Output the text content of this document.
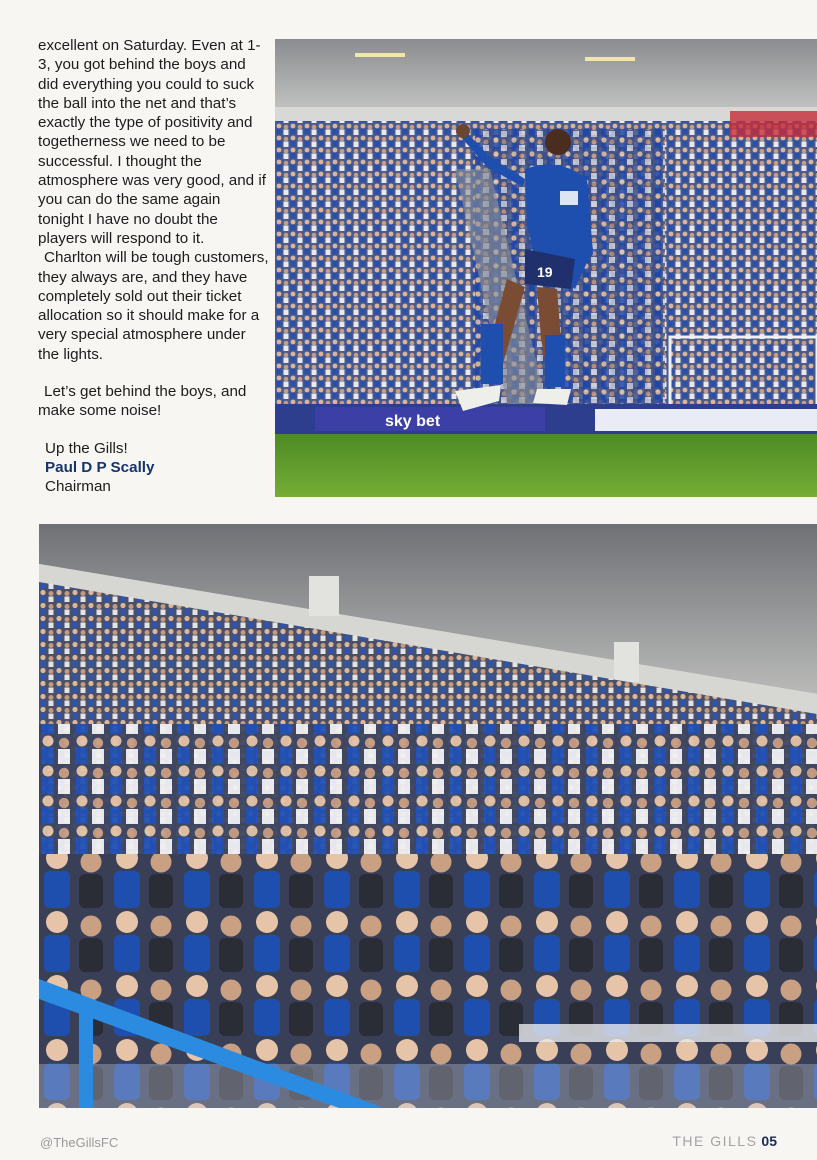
excellent on Saturday. Even at 1-3, you got behind the boys and did everything you could to suck the ball into the net and that’s exactly the type of positivity and togetherness we need to be successful. I thought the atmosphere was very good, and if you can do the same again tonight I have no doubt the players will respond to it.

Charlton will be tough customers, they always are, and they have completely sold out their ticket allocation so it should make for a very special atmosphere under the lights.

Let’s get behind the boys, and make some noise!

Up the Gills!

Paul D P Scally

Chairman

sky bet
19
@TheGillsFC	THE GILLS 05
